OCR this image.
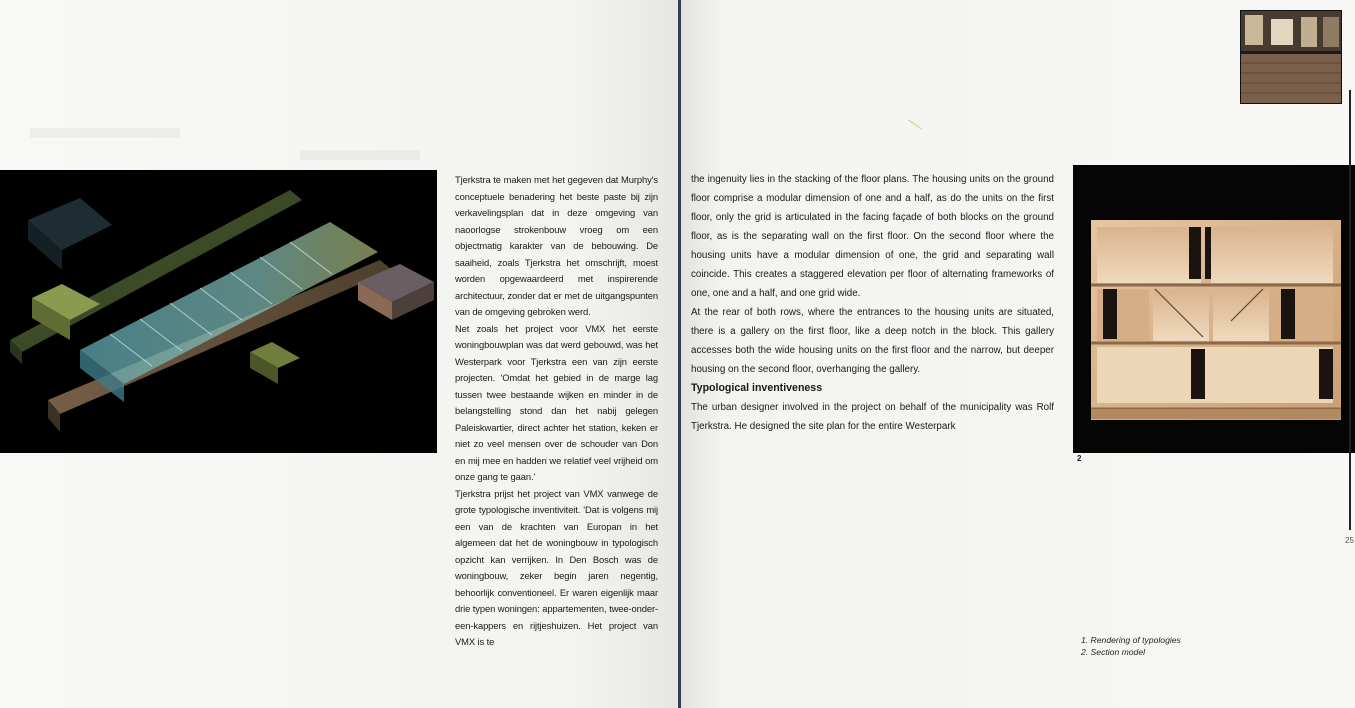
Tjerkstra te maken met het gegeven dat Murphy's conceptuele benadering het beste paste bij zijn verkavelingsplan dat in deze omgeving van naoorlogse strokenbouw vroeg om een objectmatig karakter van de bebouwing. De saaiheid, zoals Tjerkstra het omschrijft, moest worden opgewaardeerd met inspirerende architectuur, zonder dat er met de uitgangspunten van de omgeving gebroken werd.

Net zoals het project voor VMX het eerste woningbouwplan was dat werd gebouwd, was het Westerpark voor Tjerkstra een van zijn eerste projecten. 'Omdat het gebied in de marge lag tussen twee bestaande wijken en minder in de belangstelling stond dan het nabij gelegen Paleiskwartier, direct achter het station, keken er niet zo veel mensen over de schouder van Don en mij mee en hadden we relatief veel vrijheid om onze gang te gaan.'

Tjerkstra prijst het project van VMX vanwege de grote typologische inventiviteit. 'Dat is volgens mij een van de krachten van Europan in het algemeen dat het de woningbouw in typologisch opzicht kan verrijken. In Den Bosch was de woningbouw, zeker begin jaren negentig, behoorlijk conventioneel. Er waren eigenlijk maar drie typen woningen: appartementen, twee-onder-een-kappers en rijtjeshuizen. Het project van VMX is te

the ingenuity lies in the stacking of the floor plans. The housing units on the ground floor comprise a modular dimension of one and a half, as do the units on the first floor, only the grid is articulated in the facing façade of both blocks on the ground floor, as is the separating wall on the first floor. On the second floor where the housing units have a modular dimension of one, the grid and separating wall coincide. This creates a staggered elevation per floor of alternating frameworks of one, one and a half, and one grid wide.

At the rear of both rows, where the entrances to the housing units are situated, there is a gallery on the first floor, like a deep notch in the block. This gallery accesses both the wide housing units on the first floor and the narrow, but deeper housing on the second floor, overhanging the gallery.

Typological inventiveness

The urban designer involved in the project on behalf of the municipality was Rolf Tjerkstra. He designed the site plan for the entire Westerpark

2
25
1. Rendering of typologies
2. Section model
